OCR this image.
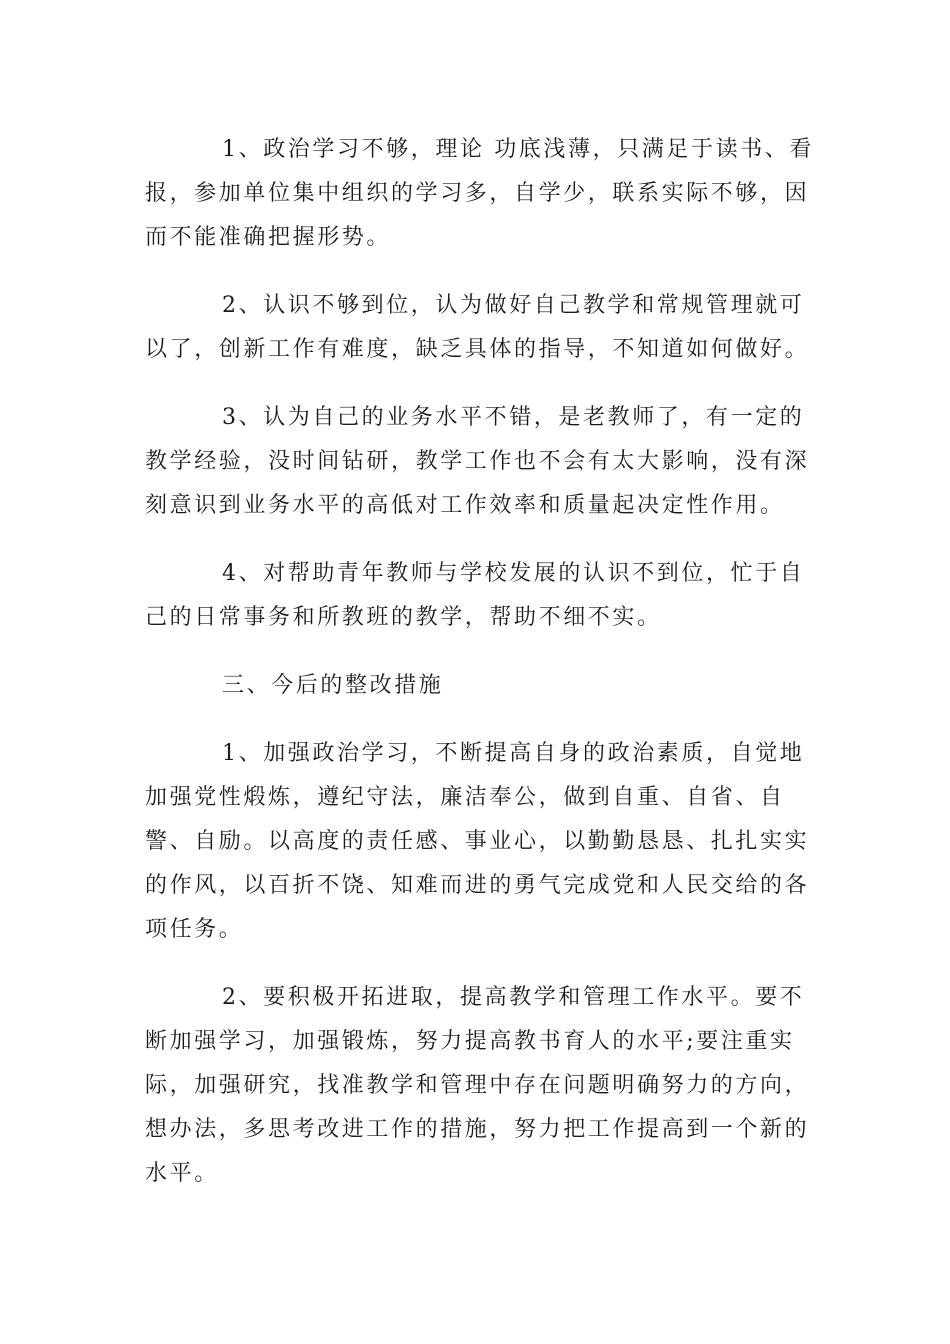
1、政治学习不够，理论 功底浅薄，只满足于读书、看报，参加单位集中组织的学习多，自学少，联系实际不够，因而不能准确把握形势。

2、认识不够到位，认为做好自己教学和常规管理就可以了，创新工作有难度，缺乏具体的指导，不知道如何做好。

3、认为自己的业务水平不错，是老教师了，有一定的教学经验，没时间钻研，教学工作也不会有太大影响，没有深刻意识到业务水平的高低对工作效率和质量起决定性作用。

4、对帮助青年教师与学校发展的认识不到位，忙于自己的日常事务和所教班的教学，帮助不细不实。

三、今后的整改措施

1、加强政治学习，不断提高自身的政治素质，自觉地加强党性煅炼，遵纪守法，廉洁奉公，做到自重、自省、自警、自励。以高度的责任感、事业心，以勤勤恳恳、扎扎实实的作风，以百折不饶、知难而进的勇气完成党和人民交给的各项任务。

2、要积极开拓进取，提高教学和管理工作水平。要不断加强学习，加强锻炼，努力提高教书育人的水平;要注重实际，加强研究，找准教学和管理中存在问题明确努力的方向，想办法，多思考改进工作的措施，努力把工作提高到一个新的水平。
